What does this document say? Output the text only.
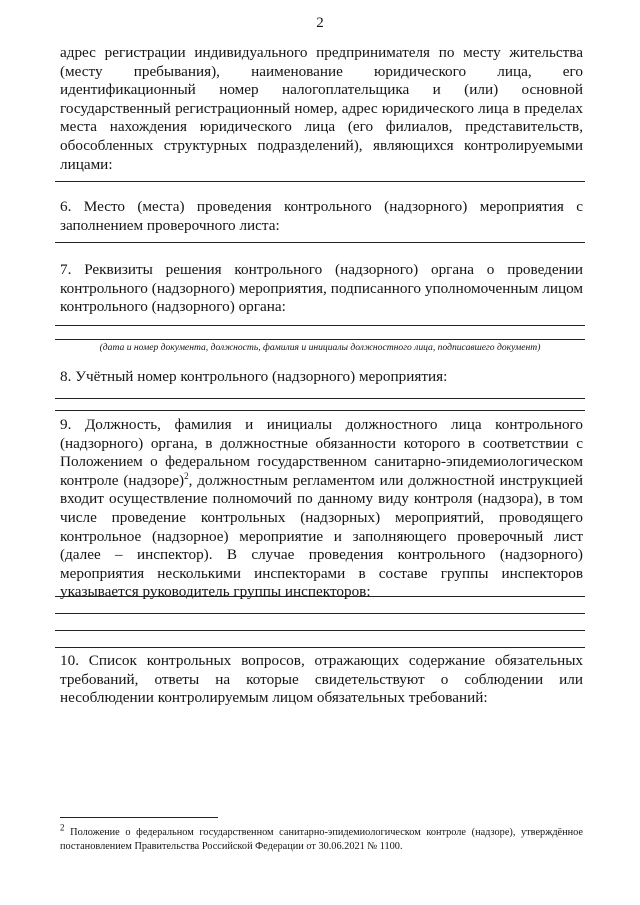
2

адрес регистрации индивидуального предпринимателя по месту жительства (месту пребывания), наименование юридического лица, его идентификационный номер налогоплательщика и (или) основной государственный регистрационный номер, адрес юридического лица в пределах места нахождения юридического лица (его филиалов, представительств, обособленных структурных подразделений), являющихся контролируемыми лицами:

6. Место (места) проведения контрольного (надзорного) мероприятия с заполнением проверочного листа:

7. Реквизиты решения контрольного (надзорного) органа о проведении контрольного (надзорного) мероприятия, подписанного уполномоченным лицом контрольного (надзорного) органа:

(дата и номер документа, должность, фамилия и инициалы должностного лица, подписавшего документ)

8. Учётный номер контрольного (надзорного) мероприятия:

9. Должность, фамилия и инициалы должностного лица контрольного (надзорного) органа, в должностные обязанности которого в соответствии с Положением о федеральном государственном санитарно-эпидемиологическом контроле (надзоре)$^2$, должностным регламентом или должностной инструкцией входит осуществление полномочий по данному виду контроля (надзора), в том числе проведение контрольных (надзорных) мероприятий, проводящего контрольное (надзорное) мероприятие и заполняющего проверочный лист (далее – инспектор). В случае проведения контрольного (надзорного) мероприятия несколькими инспекторами в составе группы инспекторов указывается руководитель группы инспекторов:

10. Список контрольных вопросов, отражающих содержание обязательных требований, ответы на которые свидетельствуют о соблюдении или несоблюдении контролируемым лицом обязательных требований:

$^2$ Положение о федеральном государственном санитарно-эпидемиологическом контроле (надзоре), утверждённое постановлением Правительства Российской Федерации от 30.06.2021 № 1100.
